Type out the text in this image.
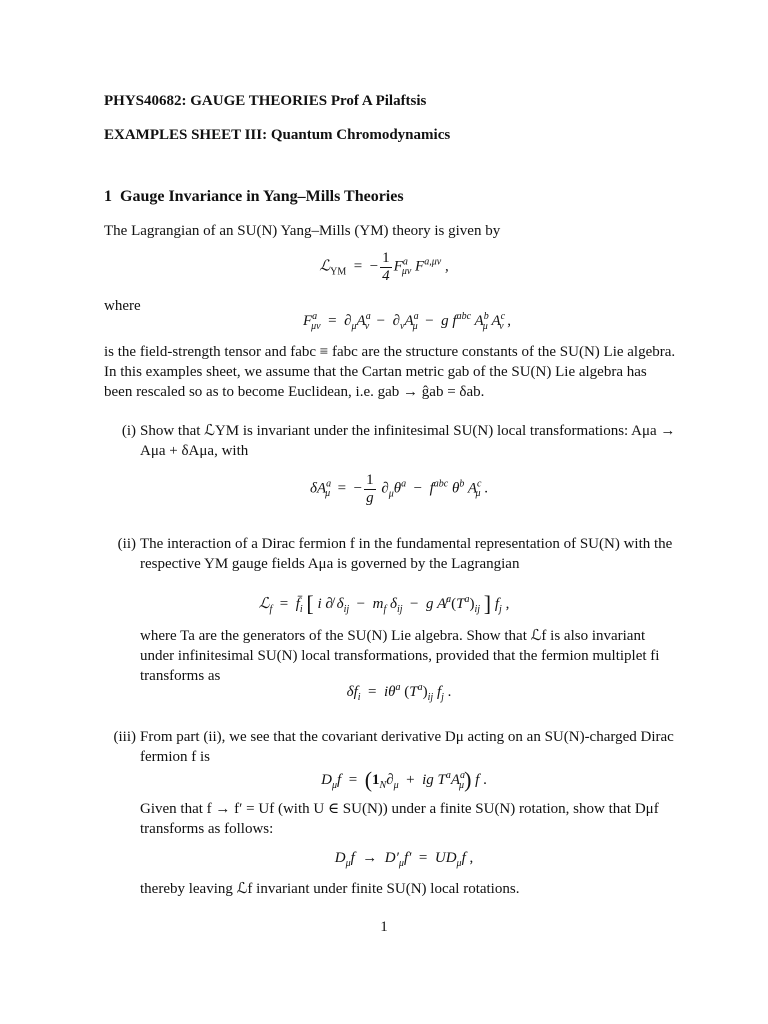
PHYS40682: GAUGE THEORIES Prof A Pilaftsis
EXAMPLES SHEET III: Quantum Chromodynamics
1 Gauge Invariance in Yang–Mills Theories
The Lagrangian of an SU(N) Yang–Mills (YM) theory is given by
ℒ$_{YM}$  =  − $\frac{1}{4} F^a_{\mu\nu}$ $F^{a,\mu\nu}$ ,
where
$F^a_{\mu\nu} = \partial_\mu A^a_\nu - \partial_\nu A^a_\mu - g$ $f^{abc}$ $A^b_\mu$ $A^c_\nu$ ,
is the field-strength tensor and fabc ≡ fabc are the structure constants of the SU(N) Lie algebra. In this examples sheet, we assume that the Cartan metric gab of the SU(N) Lie algebra has been rescaled so as to become Euclidean, i.e. gab → ĝab = δab.
(i) Show that ℒYM is invariant under the infinitesimal SU(N) local transformations: Aμa → Aμa + δAμa, with
$\delta A^a_\mu$  =  − $\frac{1}{g} \partial_\mu\theta^a - f^{abc}$ $\theta^b$ $A^c_\mu$ .
(ii) The interaction of a Dirac fermion f in the fundamental representation of SU(N) with the respective YM gauge fields Aμa is governed by the Lagrangian
ℒ$_f$  =  $f̄_i$ [ i ∂̸ $\delta_{ij} - m_f$ $\delta_{ij} - g$ $A̸^a(T^a)_{ij}$ ] $f_j$ ,
where Ta are the generators of the SU(N) Lie algebra. Show that ℒf is also invariant under infinitesimal SU(N) local transformations, provided that the fermion multiplet fi transforms as
$\delta f_i = i\theta^a$ $(T^a)_{ij}$ $f_j$ .
(iii) From part (ii), we see that the covariant derivative Dμ acting on an SU(N)-charged Dirac fermion f is
$D_\mu f = (1_N\partial_\mu$  +  ig $T^aA^a_\mu$) f .
Given that f → f′ = Uf (with U ∈ SU(N)) under a finite SU(N) rotation, show that Dμf transforms as follows:
$D_\mu f \to D'_\mu f' = UD_\mu f$ ,
thereby leaving ℒf invariant under finite SU(N) local rotations.
1
